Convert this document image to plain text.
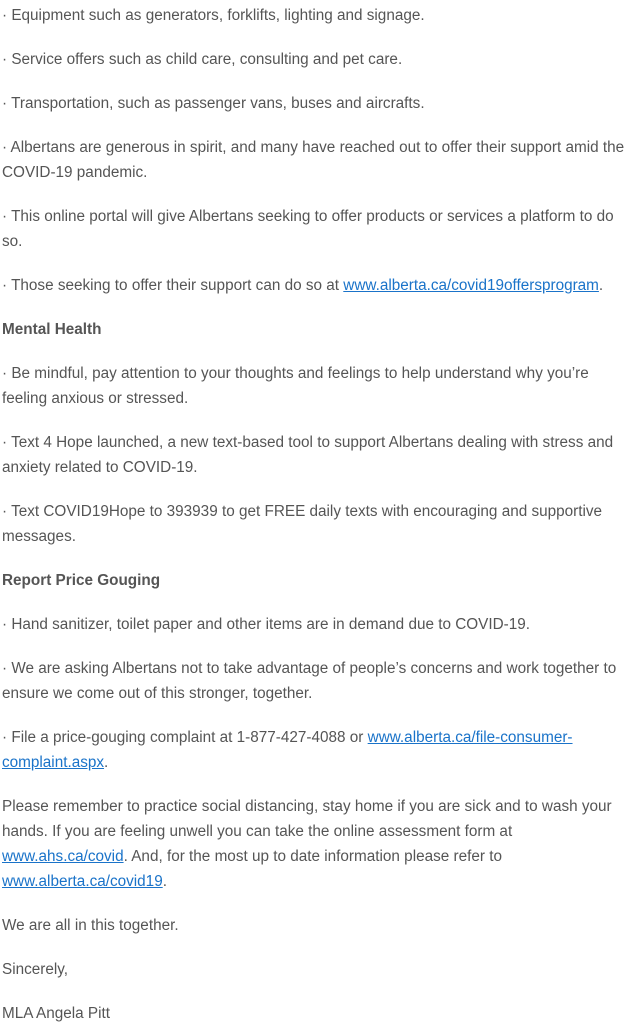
· Equipment such as generators, forklifts, lighting and signage.

· Service offers such as child care, consulting and pet care.

· Transportation, such as passenger vans, buses and aircrafts.

· Albertans are generous in spirit, and many have reached out to offer their support amid the COVID-19 pandemic.

· This online portal will give Albertans seeking to offer products or services a platform to do so.

· Those seeking to offer their support can do so at www.alberta.ca/covid19offersprogram.

Mental Health

· Be mindful, pay attention to your thoughts and feelings to help understand why you’re feeling anxious or stressed.

· Text 4 Hope launched, a new text-based tool to support Albertans dealing with stress and anxiety related to COVID-19.

· Text COVID19Hope to 393939 to get FREE daily texts with encouraging and supportive messages.

Report Price Gouging

· Hand sanitizer, toilet paper and other items are in demand due to COVID-19.

· We are asking Albertans not to take advantage of people’s concerns and work together to ensure we come out of this stronger, together.

· File a price-gouging complaint at 1-877-427-4088 or www.alberta.ca/file-consumer-complaint.aspx.

Please remember to practice social distancing, stay home if you are sick and to wash your hands. If you are feeling unwell you can take the online assessment form at www.ahs.ca/covid. And, for the most up to date information please refer to www.alberta.ca/covid19.

We are all in this together.

Sincerely,

MLA Angela Pitt
